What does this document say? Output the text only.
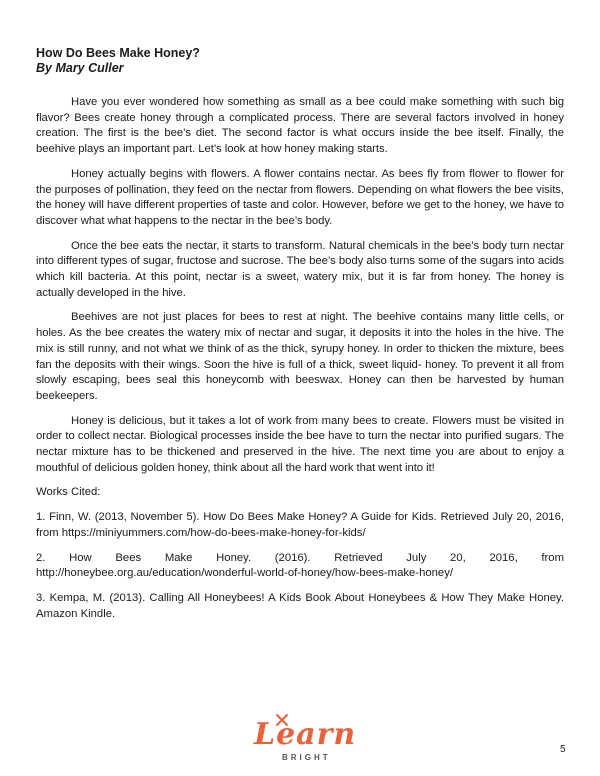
How Do Bees Make Honey?

By Mary Culler

Have you ever wondered how something as small as a bee could make something with such big flavor? Bees create honey through a complicated process. There are several factors involved in honey creation. The first is the bee’s diet. The second factor is what occurs inside the bee itself. Finally, the beehive plays an important part. Let’s look at how honey making starts.

Honey actually begins with flowers. A flower contains nectar. As bees fly from flower to flower for the purposes of pollination, they feed on the nectar from flowers. Depending on what flowers the bee visits, the honey will have different properties of taste and color. However, before we get to the honey, we have to discover what what happens to the nectar in the bee’s body.

Once the bee eats the nectar, it starts to transform. Natural chemicals in the bee’s body turn nectar into different types of sugar, fructose and sucrose. The bee’s body also turns some of the sugars into acids which kill bacteria. At this point, nectar is a sweet, watery mix, but it is far from honey. The honey is actually developed in the hive.

Beehives are not just places for bees to rest at night. The beehive contains many little cells, or holes. As the bee creates the watery mix of nectar and sugar, it deposits it into the holes in the hive. The mix is still runny, and not what we think of as the thick, syrupy honey. In order to thicken the mixture, bees fan the deposits with their wings. Soon the hive is full of a thick, sweet liquid- honey. To prevent it all from slowly escaping, bees seal this honeycomb with beeswax. Honey can then be harvested by human beekeepers.

Honey is delicious, but it takes a lot of work from many bees to create. Flowers must be visited in order to collect nectar. Biological processes inside the bee have to turn the nectar into purified sugars. The nectar mixture has to be thickened and preserved in the hive. The next time you are about to enjoy a mouthful of delicious golden honey, think about all the hard work that went into it!

Works Cited:

1. Finn, W. (2013, November 5). How Do Bees Make Honey? A Guide for Kids. Retrieved July 20, 2016, from https://miniyummers.com/how-do-bees-make-honey-for-kids/

2. How Bees Make Honey. (2016). Retrieved July 20, 2016, from http://honeybee.org.au/education/wonderful-world-of-honey/how-bees-make-honey/

3. Kempa, M. (2013). Calling All Honeybees! A Kids Book About Honeybees & How They Make Honey. Amazon Kindle.

Learn
BRIGHT
5
